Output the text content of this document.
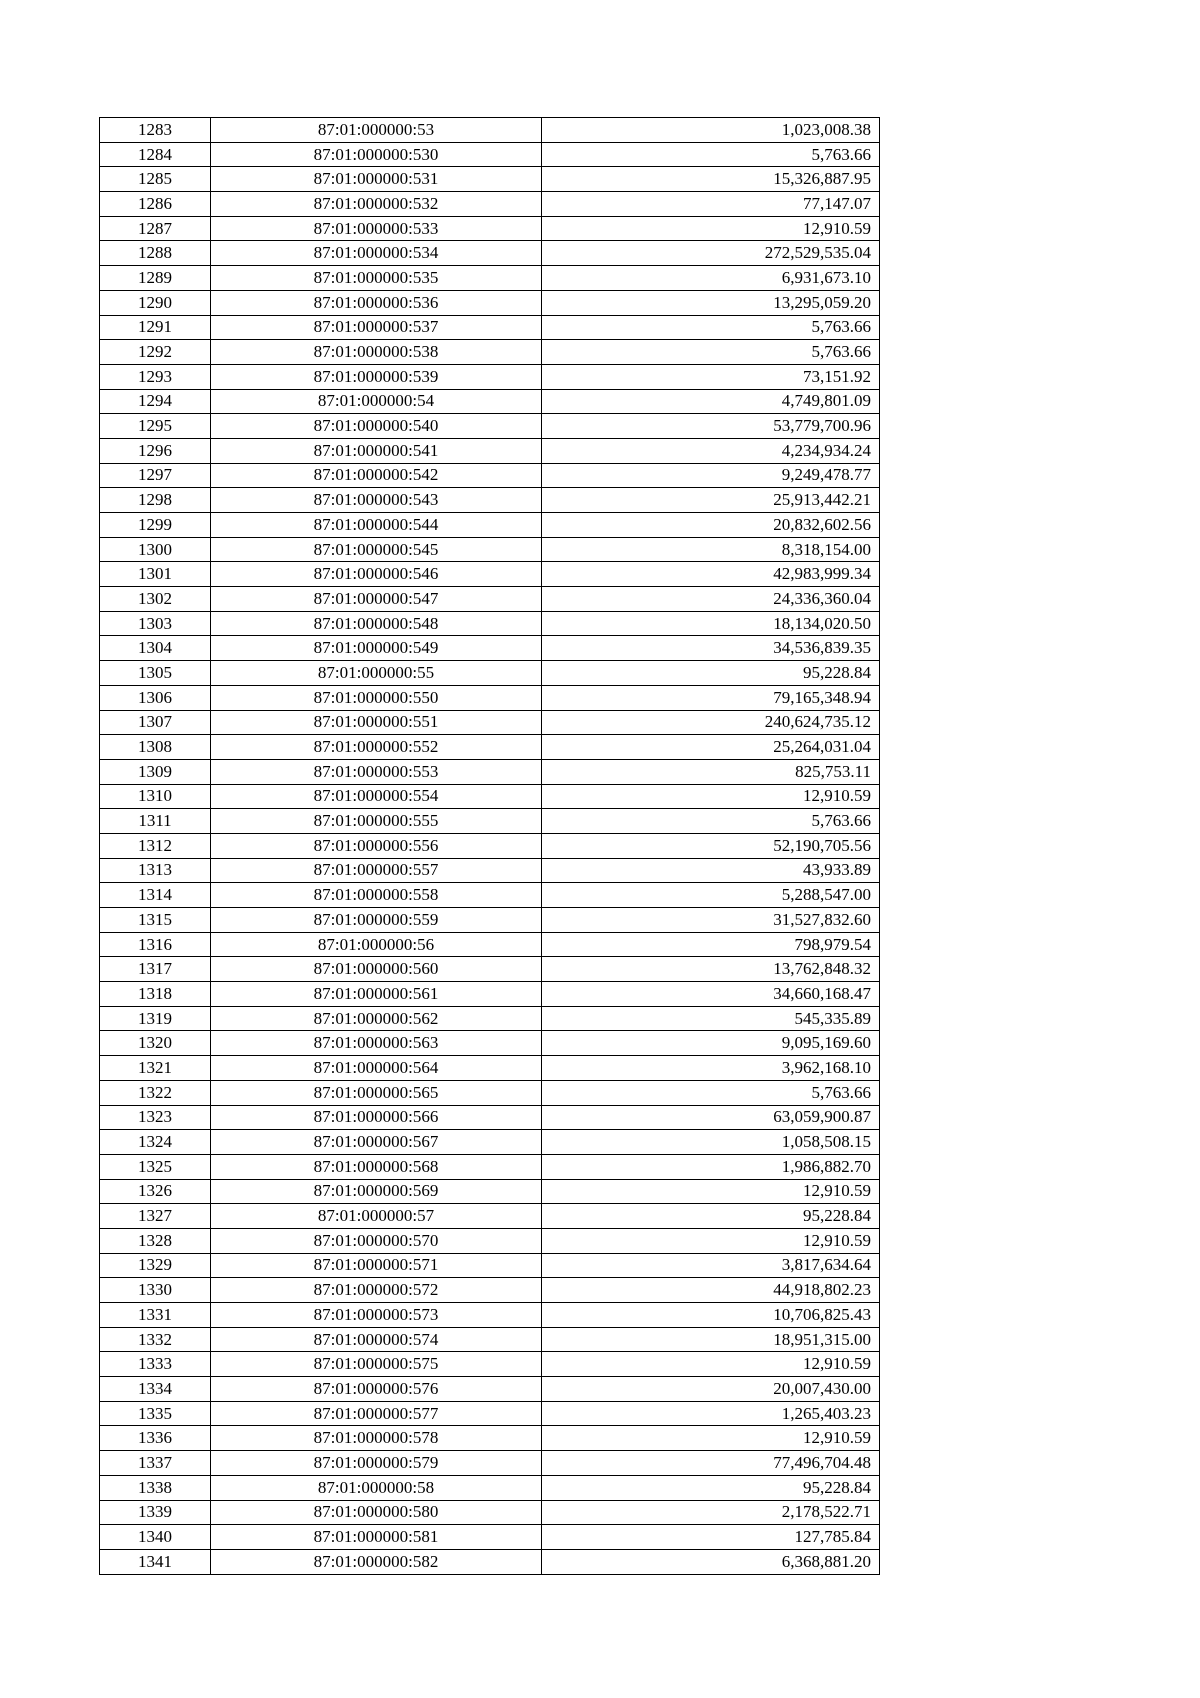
1283	87:01:000000:53	1,023,008.38
1284	87:01:000000:530	5,763.66
1285	87:01:000000:531	15,326,887.95
1286	87:01:000000:532	77,147.07
1287	87:01:000000:533	12,910.59
1288	87:01:000000:534	272,529,535.04
1289	87:01:000000:535	6,931,673.10
1290	87:01:000000:536	13,295,059.20
1291	87:01:000000:537	5,763.66
1292	87:01:000000:538	5,763.66
1293	87:01:000000:539	73,151.92
1294	87:01:000000:54	4,749,801.09
1295	87:01:000000:540	53,779,700.96
1296	87:01:000000:541	4,234,934.24
1297	87:01:000000:542	9,249,478.77
1298	87:01:000000:543	25,913,442.21
1299	87:01:000000:544	20,832,602.56
1300	87:01:000000:545	8,318,154.00
1301	87:01:000000:546	42,983,999.34
1302	87:01:000000:547	24,336,360.04
1303	87:01:000000:548	18,134,020.50
1304	87:01:000000:549	34,536,839.35
1305	87:01:000000:55	95,228.84
1306	87:01:000000:550	79,165,348.94
1307	87:01:000000:551	240,624,735.12
1308	87:01:000000:552	25,264,031.04
1309	87:01:000000:553	825,753.11
1310	87:01:000000:554	12,910.59
1311	87:01:000000:555	5,763.66
1312	87:01:000000:556	52,190,705.56
1313	87:01:000000:557	43,933.89
1314	87:01:000000:558	5,288,547.00
1315	87:01:000000:559	31,527,832.60
1316	87:01:000000:56	798,979.54
1317	87:01:000000:560	13,762,848.32
1318	87:01:000000:561	34,660,168.47
1319	87:01:000000:562	545,335.89
1320	87:01:000000:563	9,095,169.60
1321	87:01:000000:564	3,962,168.10
1322	87:01:000000:565	5,763.66
1323	87:01:000000:566	63,059,900.87
1324	87:01:000000:567	1,058,508.15
1325	87:01:000000:568	1,986,882.70
1326	87:01:000000:569	12,910.59
1327	87:01:000000:57	95,228.84
1328	87:01:000000:570	12,910.59
1329	87:01:000000:571	3,817,634.64
1330	87:01:000000:572	44,918,802.23
1331	87:01:000000:573	10,706,825.43
1332	87:01:000000:574	18,951,315.00
1333	87:01:000000:575	12,910.59
1334	87:01:000000:576	20,007,430.00
1335	87:01:000000:577	1,265,403.23
1336	87:01:000000:578	12,910.59
1337	87:01:000000:579	77,496,704.48
1338	87:01:000000:58	95,228.84
1339	87:01:000000:580	2,178,522.71
1340	87:01:000000:581	127,785.84
1341	87:01:000000:582	6,368,881.20
